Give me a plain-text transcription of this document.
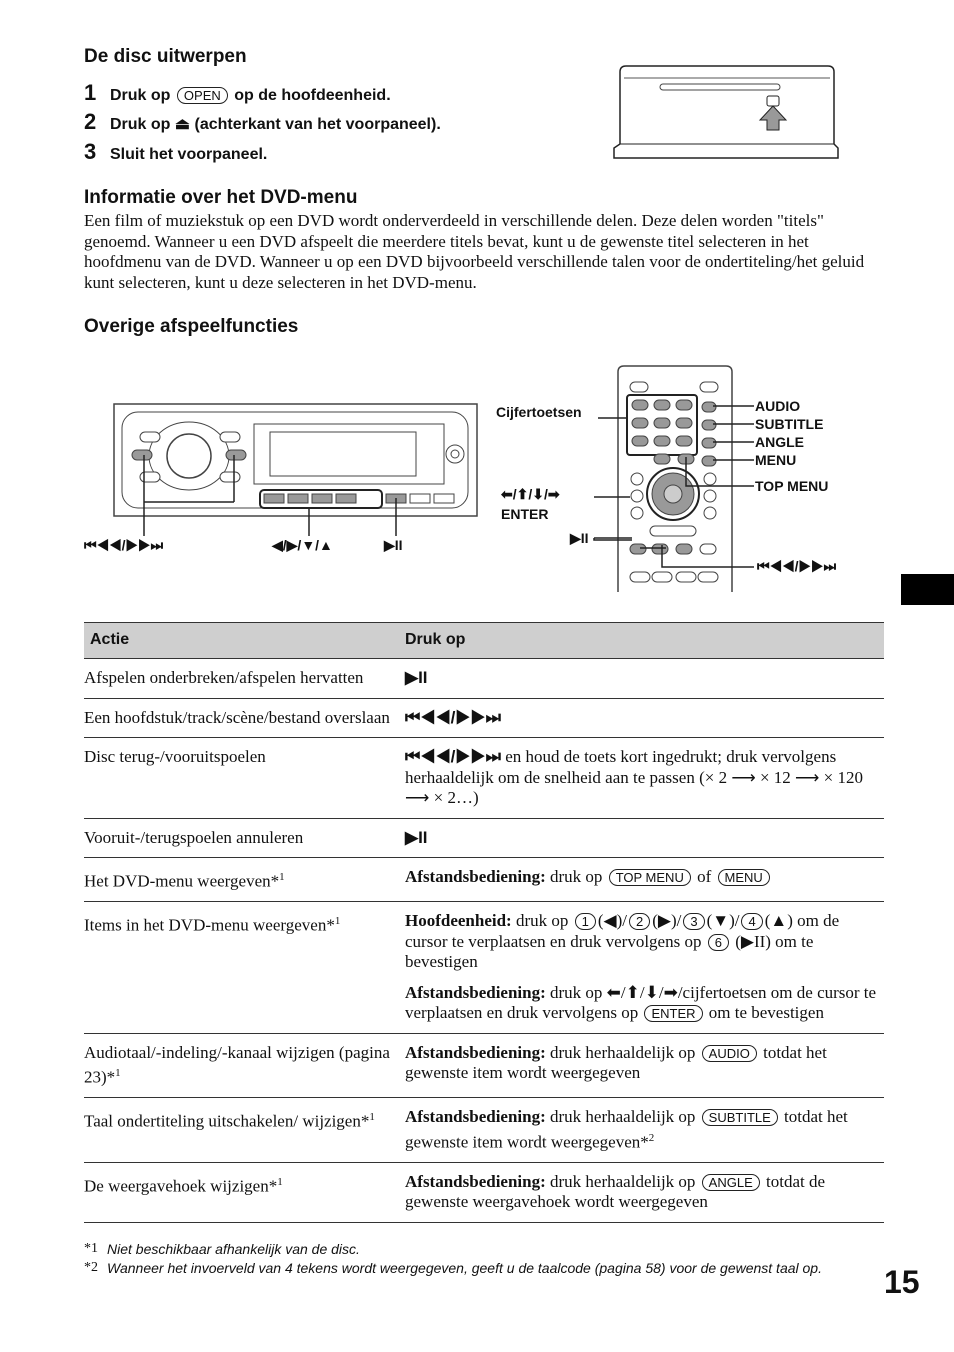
De disc uitwerpen
1 Druk op
	OPEN
op de hoofdeenheid.
2 Druk op
⏏
(achterkant van het voorpaneel).
3 Sluit het voorpaneel.
Informatie over het DVD-menu
Een film of muziekstuk op een DVD wordt onderverdeeld in verschillende delen. Deze delen worden "titels" genoemd. Wanneer u een DVD afspeelt die meerdere titels bevat, kunt u de gewenste titel selecteren in het hoofdmenu van de DVD. Wanneer u op een DVD bijvoorbeeld verschillende talen voor de ondertiteling/het geluid kunt selecteren, kunt u deze selecteren in het DVD-menu.
Overige afspeelfuncties
⏮◀◀/▶▶⏭	◀/▶/▼/▲	▶II
Cijfertoetsen	AUDIO
SUBTITLE
ANGLE
MENU
TOP MENU
⬅/⬆/⬇/➡
ENTER
▶II
⏮◀◀/▶▶⏭
Actie	Druk op
Afspelen onderbreken/afspelen hervatten	▶II
Een hoofdstuk/track/scène/bestand overslaan	⏮◀◀/▶▶⏭
Disc terug-/vooruitspoelen	⏮◀◀/▶▶⏭ en houd de toets kort ingedrukt; druk vervolgens herhaaldelijk om de snelheid aan te passen (× 2 ⟶ × 12 ⟶ × 120 ⟶ × 2…)
Vooruit-/terugspoelen annuleren	▶II
Het DVD-menu weergeven*$^1$	Afstandsbediening: druk op TOP MENU of MENU
Items in het DVD-menu weergeven*$^1$	Hoofdeenheid: druk op 1 (◀)/ 2 (▶)/ 3 (▼)/ 4 (▲) om de cursor te verplaatsen en druk vervolgens op 6 (▶II) om te bevestigen

Afstandsbediening: druk op ⬅/⬆/⬇/➡/cijfertoetsen om de cursor te verplaatsen en druk vervolgens op ENTER om te bevestigen

Audiotaal/-indeling/-kanaal wijzigen (pagina 23)*$^1$	Afstandsbediening: druk herhaaldelijk op AUDIO totdat het gewenste item wordt weergegeven
Taal ondertiteling uitschakelen/ wijzigen*$^1$	Afstandsbediening: druk herhaaldelijk op SUBTITLE totdat het gewenste item wordt weergegeven*$^2$
De weergavehoek wijzigen*$^1$	Afstandsbediening: druk herhaaldelijk op ANGLE totdat de gewenste weergavehoek wordt weergegeven
*1 Niet beschikbaar afhankelijk van de disc.
*2 Wanneer het invoerveld van 4 tekens wordt weergegeven, geeft u de taalcode (pagina 58) voor de gewenst taal op.	15
